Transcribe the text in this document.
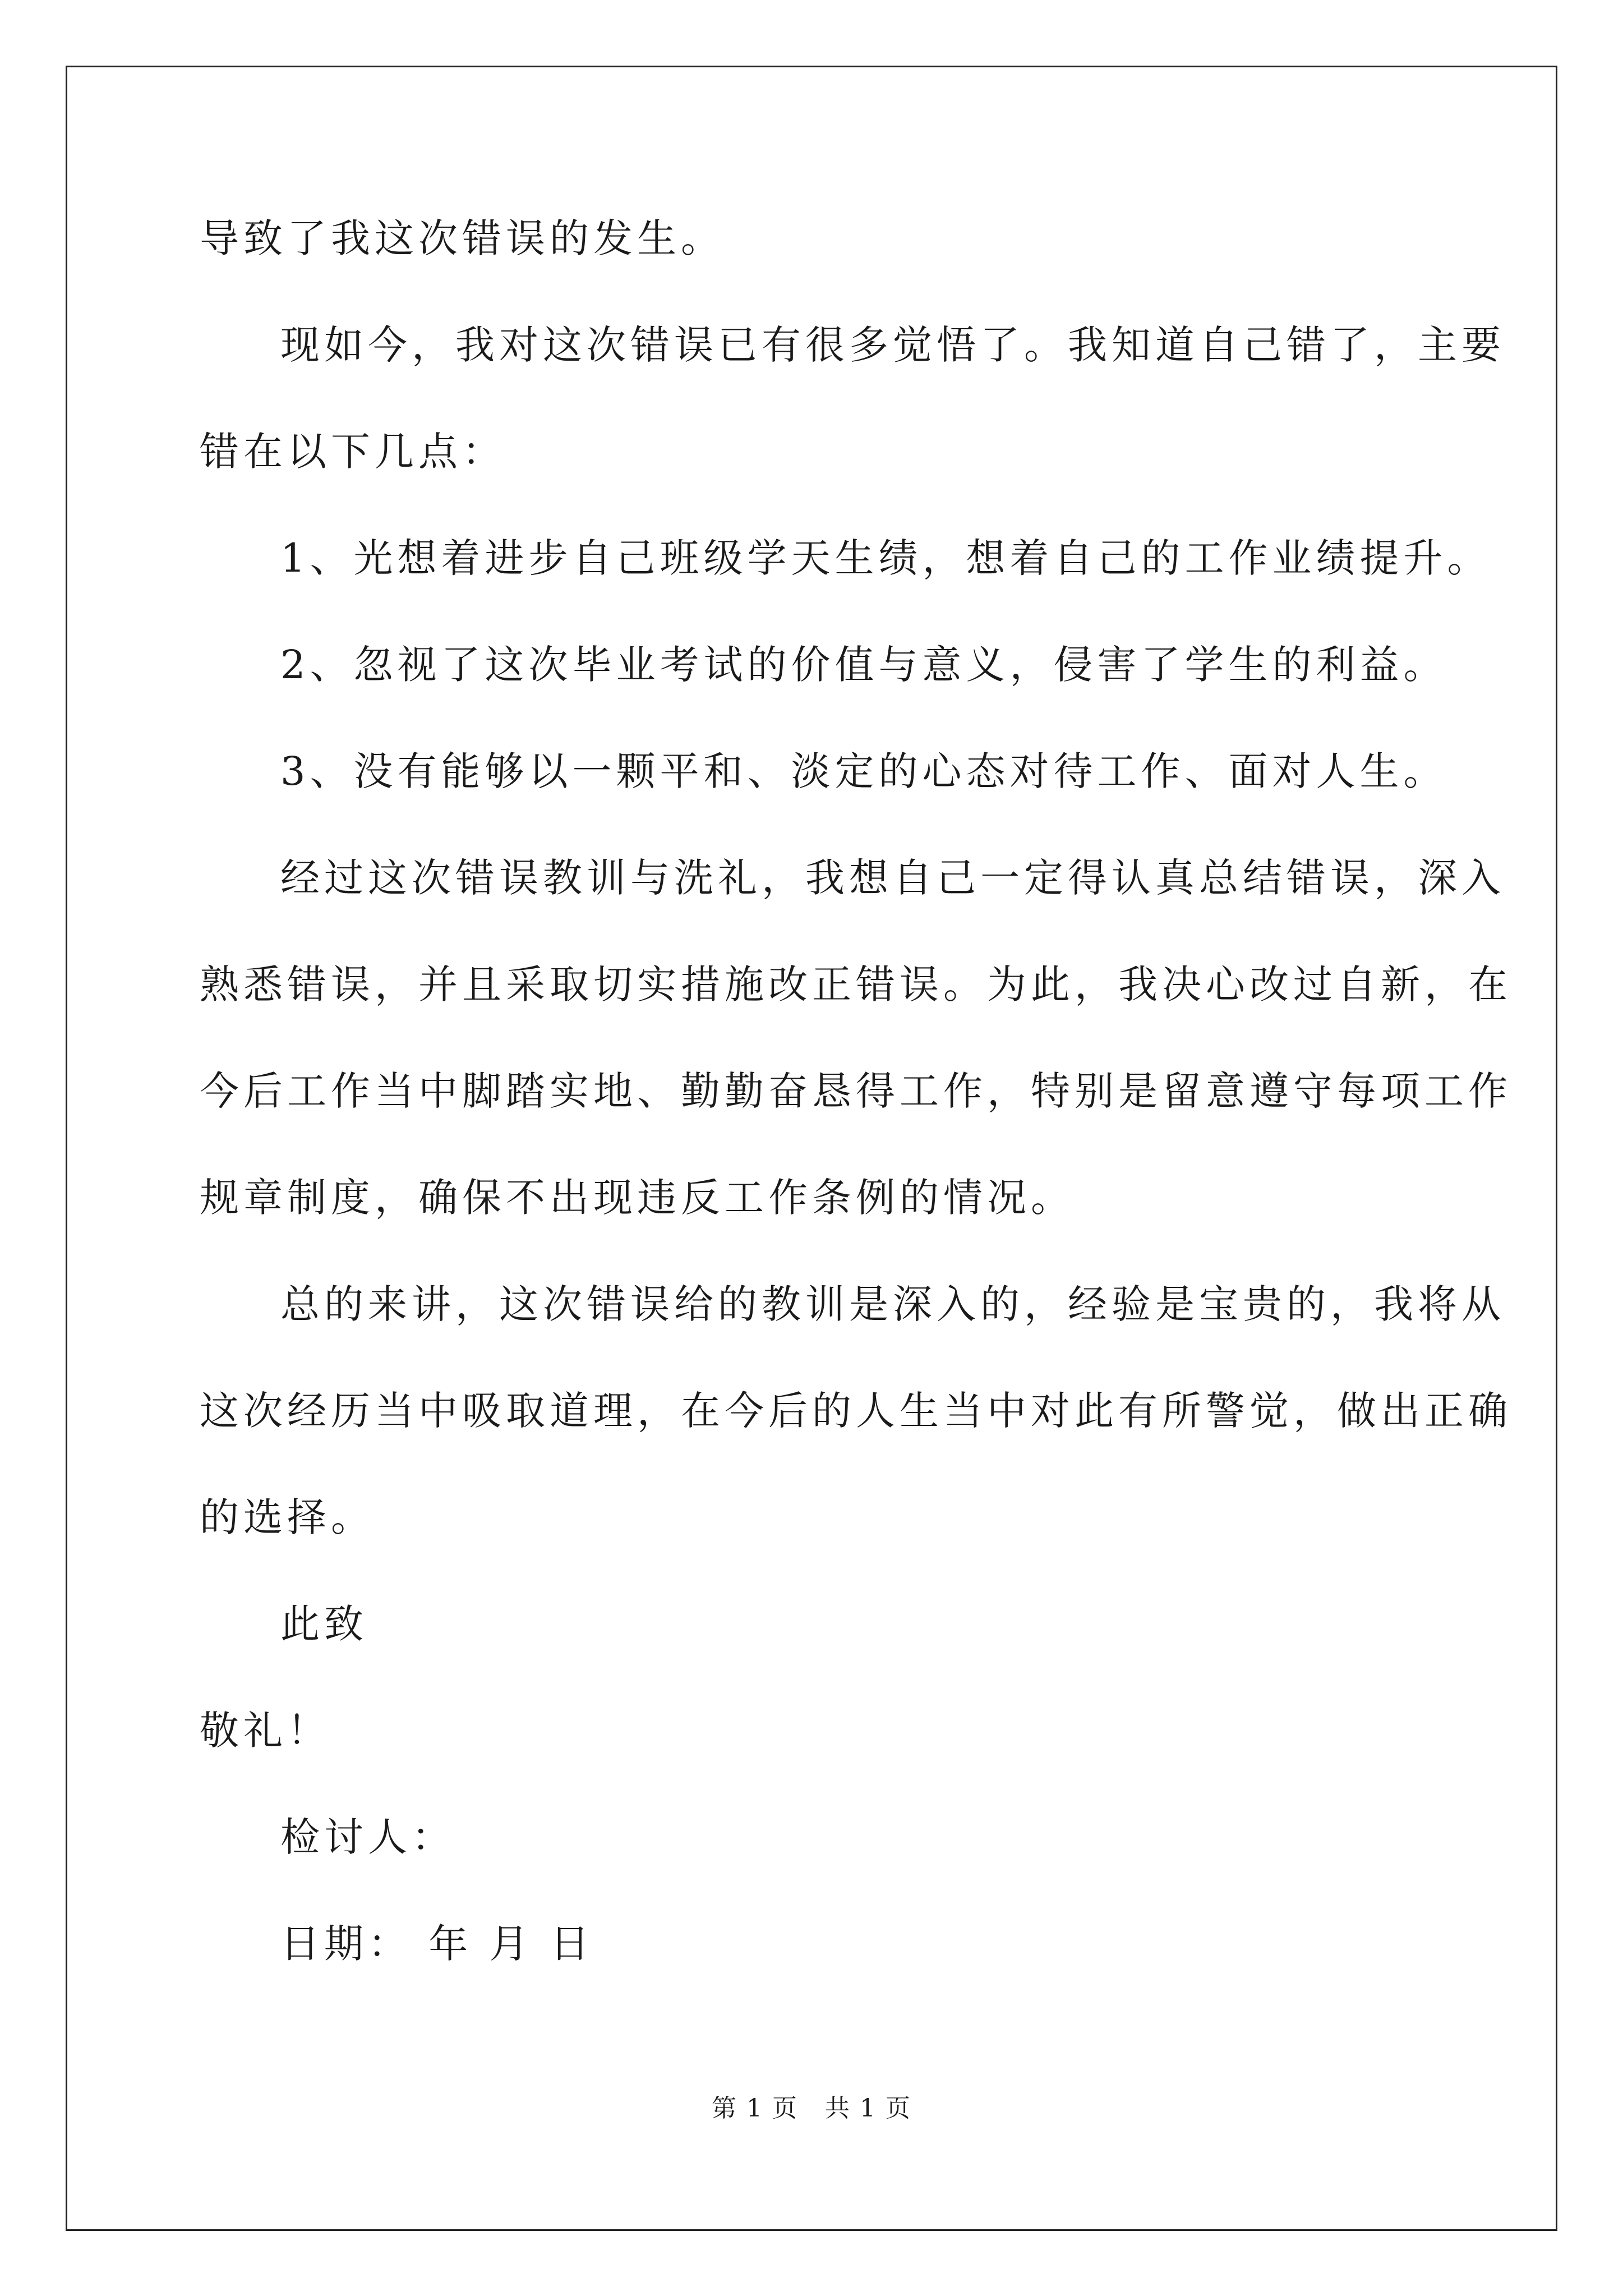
导致了我这次错误的发生。
现如今，我对这次错误已有很多觉悟了。我知道自己错了，主要
错在以下几点：
1、光想着进步自己班级学天生绩，想着自己的工作业绩提升。
2、忽视了这次毕业考试的价值与意义，侵害了学生的利益。
3、没有能够以一颗平和、淡定的心态对待工作、面对人生。
经过这次错误教训与洗礼，我想自己一定得认真总结错误，深入
熟悉错误，并且采取切实措施改正错误。为此，我决心改过自新，在
今后工作当中脚踏实地、勤勤奋恳得工作，特别是留意遵守每项工作
规章制度，确保不出现违反工作条例的情况。
总的来讲，这次错误给的教训是深入的，经验是宝贵的，我将从
这次经历当中吸取道理，在今后的人生当中对此有所警觉，做出正确
的选择。
此致
敬礼！
检讨人：
日期： 年 月 日
第 1 页   共 1 页
